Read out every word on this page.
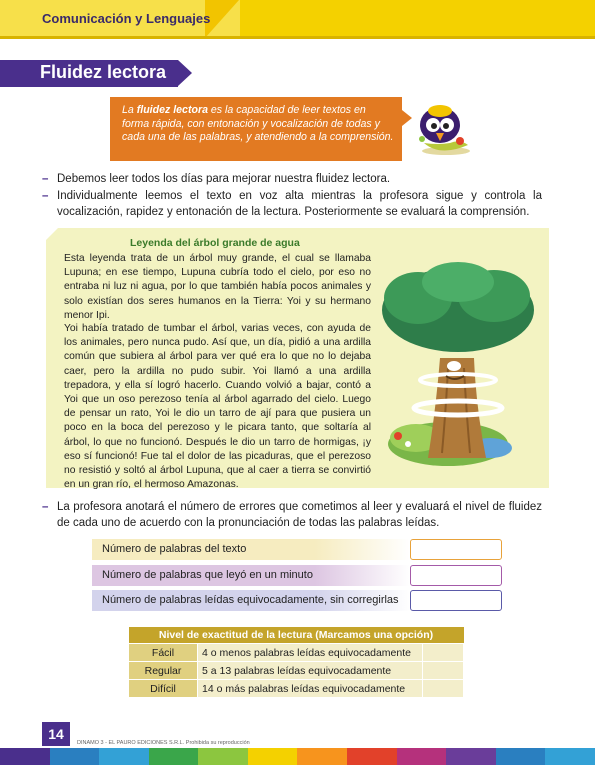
Comunicación y Lenguajes
Fluidez lectora
La fluidez lectora es la capacidad de leer textos en forma rápida, con entonación y vocalización de todas y cada una de las palabras, y atendiendo a la comprensión.
– Debemos leer todos los días para mejorar nuestra fluidez lectora.
– Individualmente leemos el texto en voz alta mientras la profesora sigue y controla la vocalización, rapidez y entonación de la lectura. Posteriormente se evaluará la comprensión.
Leyenda del árbol grande de agua
Esta leyenda trata de un árbol muy grande, el cual se llamaba Lupuna; en ese tiempo, Lupuna cubría todo el cielo, por eso no entraba ni luz ni agua, por lo que también había pocos animales y solo existían dos seres humanos en la Tierra: Yoi y su hermano menor Ipi.
Yoi había tratado de tumbar el árbol, varias veces, con ayuda de los animales, pero nunca pudo. Así que, un día, pidió a una ardilla común que subiera al árbol para ver qué era lo que no lo dejaba caer, pero la ardilla no pudo subir. Yoi llamó a una ardilla trepadora, y ella sí logró hacerlo. Cuando volvió a bajar, contó a Yoi que un oso perezoso tenía al árbol agarrado del cielo. Luego de pensar un rato, Yoi le dio un tarro de ají para que pusiera un poco en la boca del perezoso y le picara tanto, que soltaría al árbol, lo que no funcionó. Después le dio un tarro de hormigas, ¡y eso sí funcionó! Fue tal el dolor de las picaduras, que el perezoso no resistió y soltó al árbol Lupuna, que al caer a tierra se convirtió en un gran río, el hermoso Amazonas.
– La profesora anotará el número de errores que cometimos al leer y evaluará el nivel de fluidez de cada uno de acuerdo con la pronunciación de todas las palabras leídas.
Número de palabras del texto
Número de palabras que leyó en un minuto
Número de palabras leídas equivocadamente, sin corregirlas
Nivel de exactitud de la lectura (Marcamos una opción)		
Fácil	4 o menos palabras leídas equivocadamente	
Regular	5 a 13 palabras leídas equivocadamente	
Difícil	14 o más palabras leídas equivocadamente	
14
DINAMO 3 - EL PAURO EDICIONES S.R.L. Prohibida su reproducción
